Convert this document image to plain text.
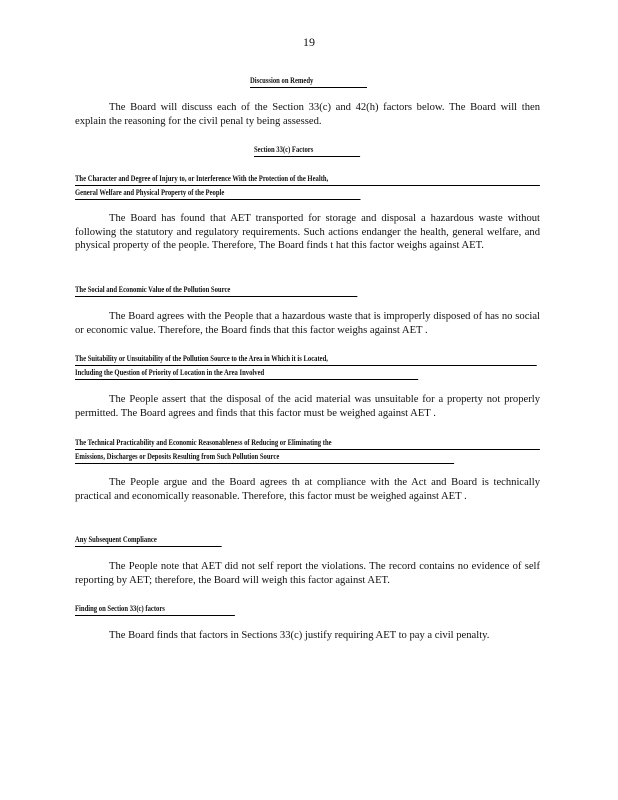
19
Discussion on Remedy
The Board will discuss each of the Section 33(c) and 42(h) factors below. The Board will then explain the reasoning for the civil penal ty being assessed.
Section 33(c) Factors
The Character and Degree of Injury to, or Interference With the Protection of the Health,
General Welfare and Physical Property of the People
The Board has found that AET transported for storage and disposal a hazardous waste without following the statutory and regulatory requirements. Such actions endanger the health, general welfare, and physical property of the people. Therefore, The Board finds t hat this factor weighs against AET.
The Social and Economic Value of the Pollution Source
The Board agrees with the People that a hazardous waste that is improperly disposed of has no social or economic value. Therefore, the Board finds that this factor weighs against AET .
The Suitability or Unsuitability of the Pollution Source to the Area in Which it is Located,
Including the Question of Priority of Location in the Area Involved
The People assert that the disposal of the acid material was unsuitable for a property not properly permitted. The Board agrees and finds that this factor must be weighed against AET .
The Technical Practicability and Economic Reasonableness of Reducing or Eliminating the
Emissions, Discharges or Deposits Resulting from Such Pollution Source
The People argue and the Board agrees th at compliance with the Act and Board is technically practical and economically reasonable. Therefore, this factor must be weighed against AET .
Any Subsequent Compliance
The People note that AET did not self report the violations. The record contains no evidence of self reporting by AET; therefore, the Board will weigh this factor against AET.
Finding on Section 33(c) factors
The Board finds that factors in Sections 33(c) justify requiring AET to pay a civil penalty.
